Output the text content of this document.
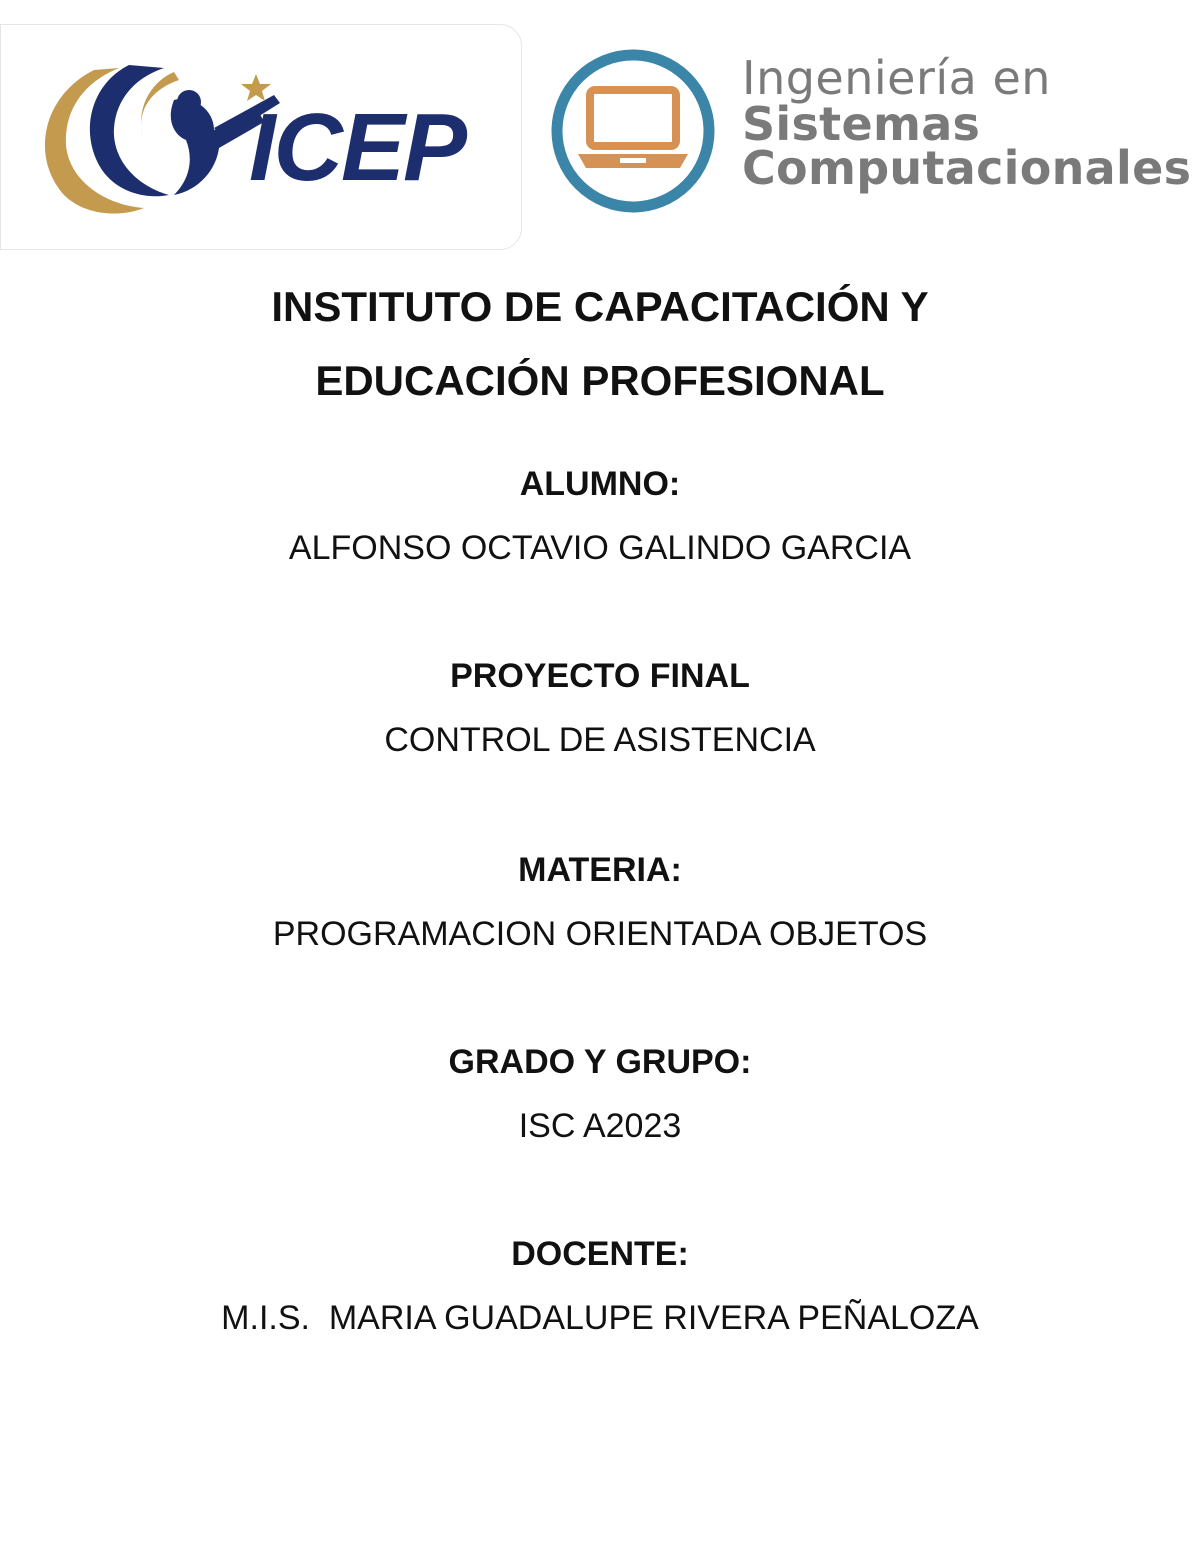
ICEP
Ingeniería en
Sistemas
Computacionales
INSTITUTO DE CAPACITACIÓN Y
EDUCACIÓN PROFESIONAL
ALUMNO:
ALFONSO OCTAVIO GALINDO GARCIA
PROYECTO FINAL
CONTROL DE ASISTENCIA
MATERIA:
PROGRAMACION ORIENTADA OBJETOS
GRADO Y GRUPO:
ISC A2023
DOCENTE:
M.I.S.  MARIA GUADALUPE RIVERA PEÑALOZA
